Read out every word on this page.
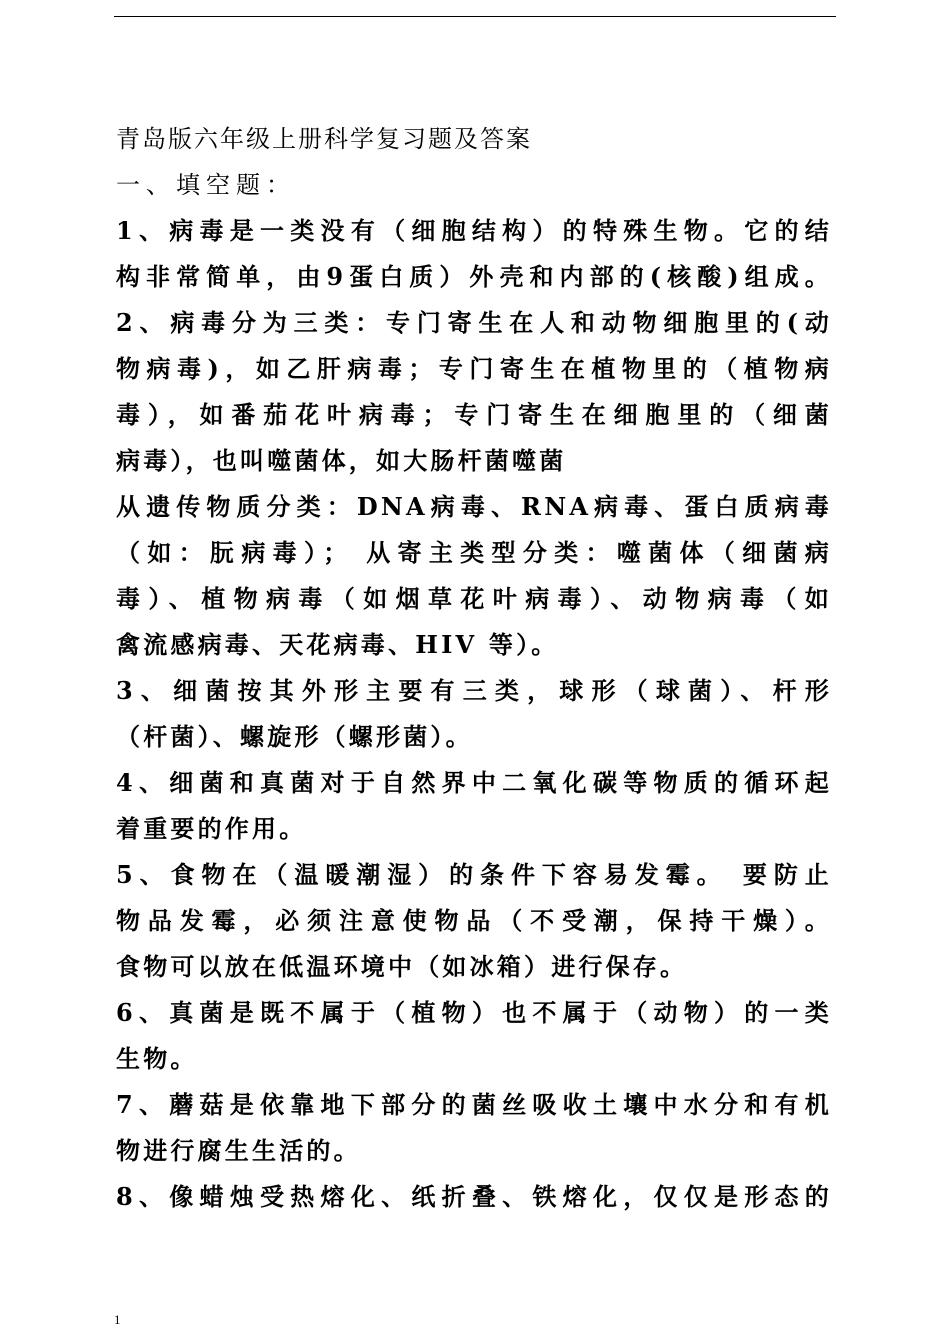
青岛版六年级上册科学复习题及答案
一、填空题：
1、病毒是一类没有（细胞结构）的特殊生物。它的结
构非常简单，由9蛋白质）外壳和内部的(核酸)组成。
2、病毒分为三类：专门寄生在人和动物细胞里的(动
物病毒)，如乙肝病毒；专门寄生在植物里的（植物病
毒），如番茄花叶病毒；专门寄生在细胞里的（细菌
病毒），也叫噬菌体，如大肠杆菌噬菌
从遗传物质分类：DNA病毒、RNA病毒、蛋白质病毒
（如：朊病毒）； 从寄主类型分类：噬菌体（细菌病
毒）、植物病毒（如烟草花叶病毒）、动物病毒（如
禽流感病毒、天花病毒、HIV 等）。
3、细菌按其外形主要有三类，球形（球菌）、杆形
（杆菌）、螺旋形（螺形菌）。
4、细菌和真菌对于自然界中二氧化碳等物质的循环起
着重要的作用。
5、食物在（温暖潮湿）的条件下容易发霉。 要防止
物品发霉，必须注意使物品（不受潮，保持干燥）。
食物可以放在低温环境中（如冰箱）进行保存。
6、真菌是既不属于（植物）也不属于（动物）的一类
生物。
7、蘑菇是依靠地下部分的菌丝吸收土壤中水分和有机
物进行腐生生活的。
8、像蜡烛受热熔化、纸折叠、铁熔化，仅仅是形态的
1
